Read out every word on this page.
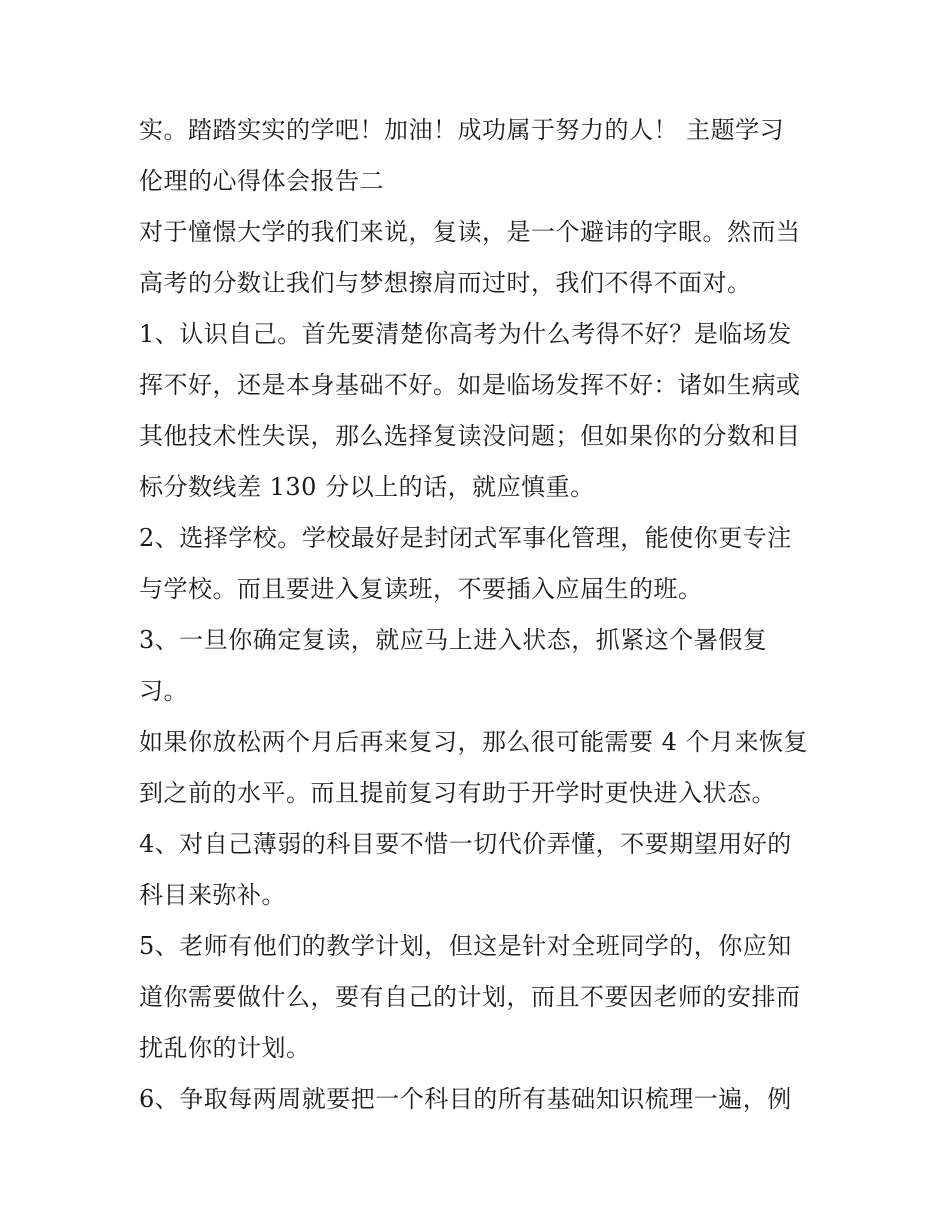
实。踏踏实实的学吧！加油！成功属于努力的人！ 主题学习
伦理的心得体会报告二
对于憧憬大学的我们来说，复读，是一个避讳的字眼。然而当
高考的分数让我们与梦想擦肩而过时，我们不得不面对。
1、认识自己。首先要清楚你高考为什么考得不好？是临场发
挥不好，还是本身基础不好。如是临场发挥不好：诸如生病或
其他技术性失误，那么选择复读没问题；但如果你的分数和目
标分数线差 130 分以上的话，就应慎重。
2、选择学校。学校最好是封闭式军事化管理，能使你更专注
与学校。而且要进入复读班，不要插入应届生的班。
3、一旦你确定复读，就应马上进入状态，抓紧这个暑假复
习。
如果你放松两个月后再来复习，那么很可能需要 4 个月来恢复
到之前的水平。而且提前复习有助于开学时更快进入状态。
4、对自己薄弱的科目要不惜一切代价弄懂，不要期望用好的
科目来弥补。
5、老师有他们的教学计划，但这是针对全班同学的，你应知
道你需要做什么，要有自己的计划，而且不要因老师的安排而
扰乱你的计划。
6、争取每两周就要把一个科目的所有基础知识梳理一遍，例
